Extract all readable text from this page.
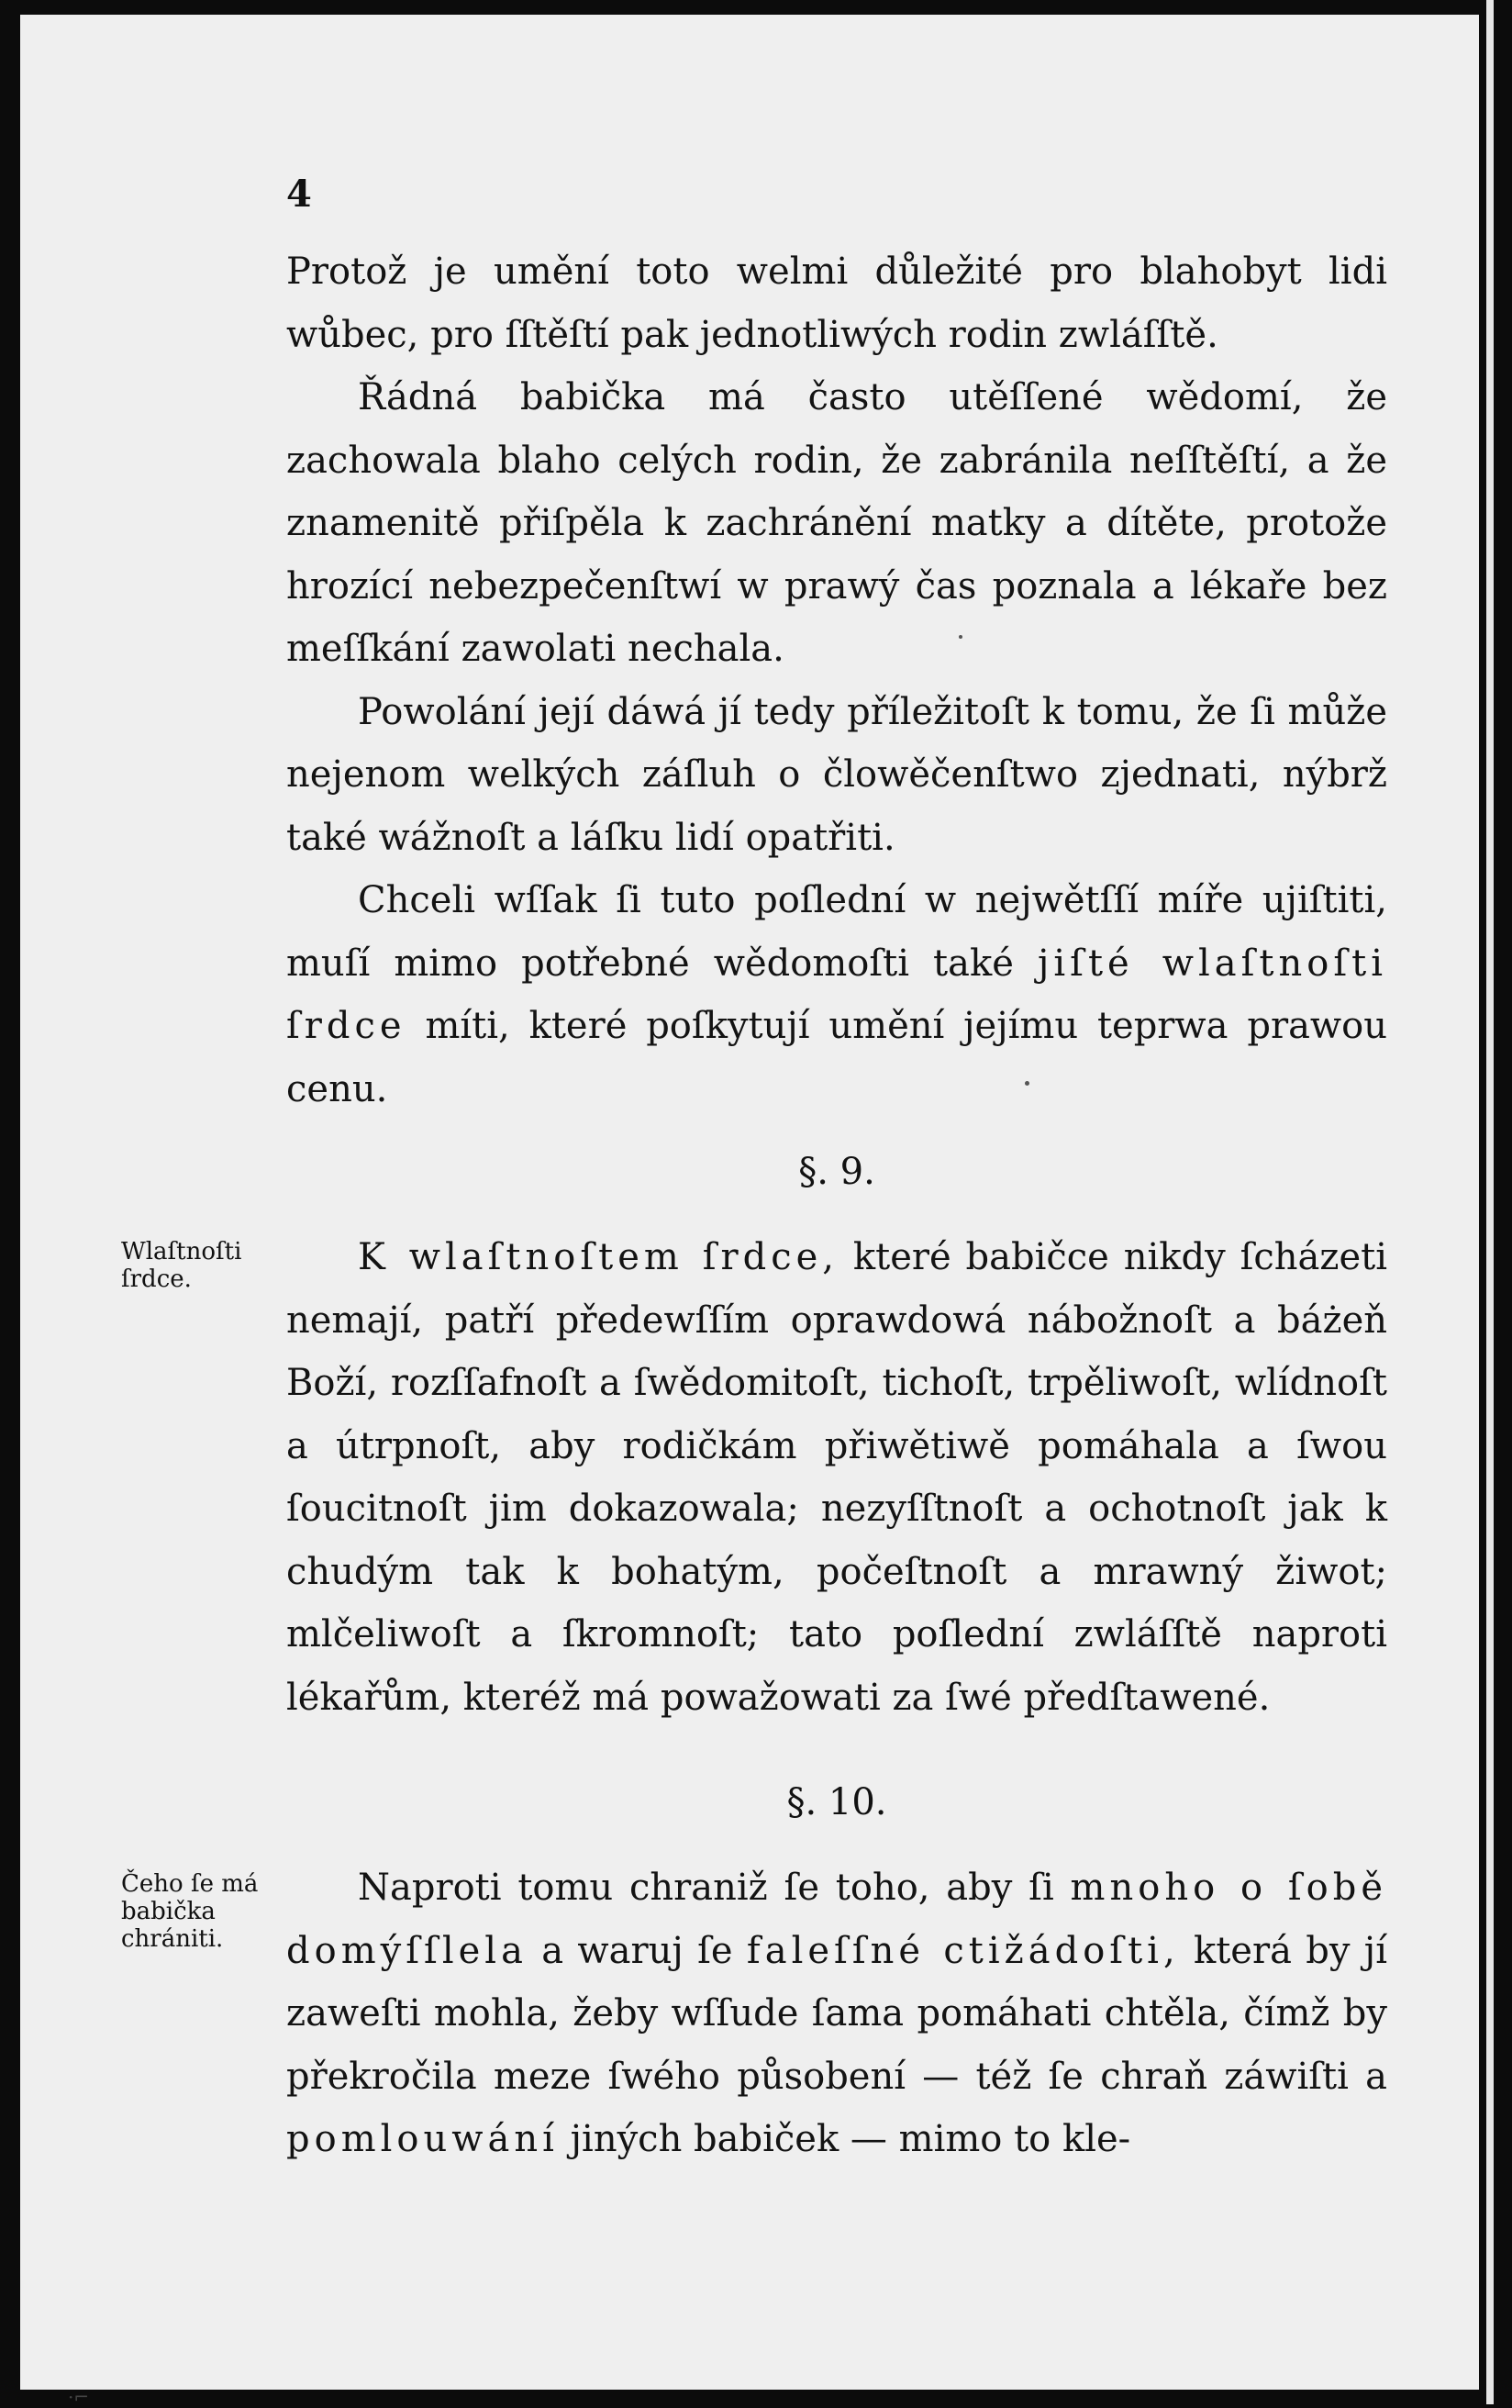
4

Protož je umění toto welmi důležité pro blahobyt lidi wůbec, pro ſſtěſtí pak jednotliwých rodin zwláſſtě.

Řádná babička má často utěſſené wědomí, že zachowala blaho celých rodin, že zabránila neſſtěſtí, a že znamenitě přiſpěla k zachránění matky a dítěte, protože hrozící nebezpečenſtwí w prawý čas poznala a lékaře bez meſſkání zawolati nechala.

Powolání její dáwá jí tedy příležitoſt k tomu, že ſi může nejenom welkých záſluh o člowěčenſtwo zjednati, nýbrž také wážnoſt a láſku lidí opatřiti.

Chceli wſſak ſi tuto poſlední w nejwětſſí míře ujiſtiti, muſí mimo potřebné wědomoſti také jiſté wlaſtnoſti ſrdce míti, které poſkytují umění jejímu teprwa prawou cenu.

§. 9.
Wlaſtnoſti
ſrdce.

K wlaſtnoſtem ſrdce, které babičce nikdy ſcházeti nemají, patří předewſſím oprawdowá nábožnoſt a báżeň Boží, rozſſafnoſt a ſwědomitoſt, tichoſt, trpěliwoſt, wlídnoſt a útrpnoſt, aby rodičkám přiwětiwě pomáhala a ſwou ſoucitnoſt jim dokazowala; nezyſſtnoſt a ochotnoſt jak k chudým tak k bohatým, počeſtnoſt a mrawný žiwot; mlčeliwoſt a ſkromnoſt; tato poſlední zwláſſtě naproti lékařům, kteréž má powažowati za ſwé předſtawené.

§. 10.
Čeho ſe má
babička
chrániti.

Naproti tomu chraniž ſe toho, aby ſi mnoho o ſobě domýſſlela a waruj ſe faleſſné ctižádoſti, která by jí zaweſti mohla, žeby wſſude ſama pomáhati chtěla, čímž by překročila meze ſwého působení — též ſe chraň záwiſti a pomlouwání jiných babiček — mimo to kle-

·⌐
